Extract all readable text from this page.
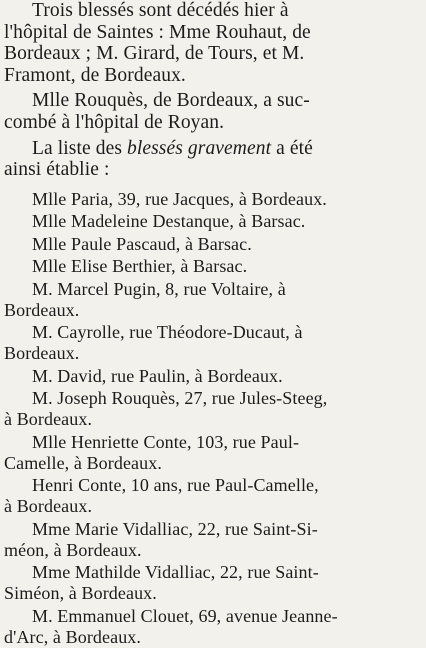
Trois blessés sont décédés hier à
l'hôpital de Saintes : Mme Rouhaut, de
Bordeaux ; M. Girard, de Tours, et M.
Framont, de Bordeaux.

Mlle Rouquès, de Bordeaux, a suc-
combé à l'hôpital de Royan.

La liste des blessés gravement a été
ainsi établie :

Mlle Paria, 39, rue Jacques, à Bordeaux.

Mlle Madeleine Destanque, à Barsac.

Mlle Paule Pascaud, à Barsac.

Mlle Elise Berthier, à Barsac.

M. Marcel Pugin, 8, rue Voltaire, à
Bordeaux.

M. Cayrolle, rue Théodore-Ducaut, à
Bordeaux.

M. David, rue Paulin, à Bordeaux.

M. Joseph Rouquès, 27, rue Jules-Steeg,
à Bordeaux.

Mlle Henriette Conte, 103, rue Paul-
Camelle, à Bordeaux.

Henri Conte, 10 ans, rue Paul-Camelle,
à Bordeaux.

Mme Marie Vidalliac, 22, rue Saint-Si-
méon, à Bordeaux.

Mme Mathilde Vidalliac, 22, rue Saint-
Siméon, à Bordeaux.

M. Emmanuel Clouet, 69, avenue Jeanne-
d'Arc, à Bordeaux.
